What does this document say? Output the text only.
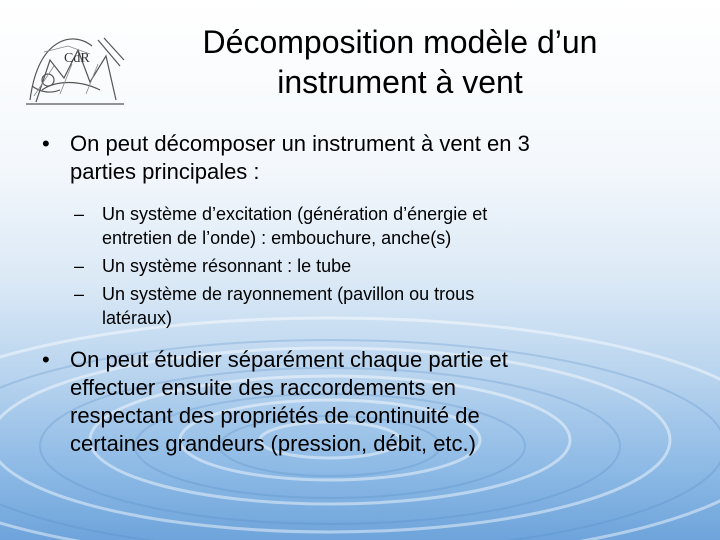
CdR	Décomposition modèle d’un
instrument à vent
• On peut décomposer un instrument à vent en 3
parties principales :
– Un système d’excitation (génération d’énergie et
entretien de l’onde) : embouchure, anche(s)
– Un système résonnant : le tube
– Un système de rayonnement (pavillon ou trous
latéraux)
• On peut étudier séparément chaque partie et
effectuer ensuite des raccordements en
respectant des propriétés de continuité de
certaines grandeurs (pression, débit, etc.)
